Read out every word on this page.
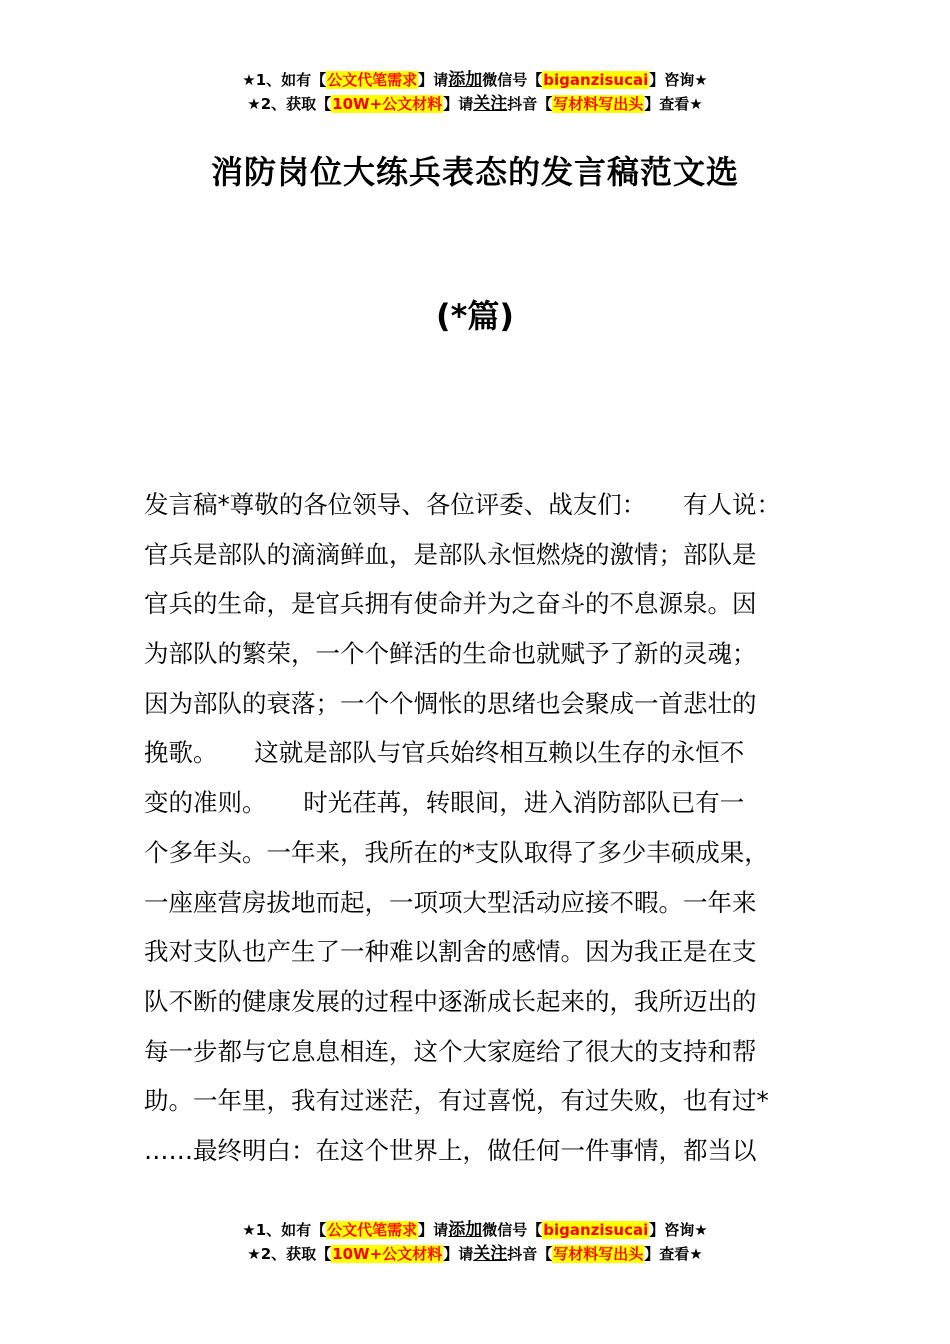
★1、如有【公文代笔需求】请添加微信号【biganzisucai】咨询★
★2、获取【10W+公文材料】请关注抖音【写材料写出头】查看★
消防岗位大练兵表态的发言稿范文选
(*篇)
发言稿*尊敬的各位领导、各位评委、战友们：　　有人说：
官兵是部队的滴滴鲜血，是部队永恒燃烧的激情；部队是
官兵的生命，是官兵拥有使命并为之奋斗的不息源泉。因
为部队的繁荣，一个个鲜活的生命也就赋予了新的灵魂；
因为部队的衰落；一个个惆怅的思绪也会聚成一首悲壮的
挽歌。　　这就是部队与官兵始终相互赖以生存的永恒不
变的准则。　　时光荏苒，转眼间，进入消防部队已有一
个多年头。一年来，我所在的*支队取得了多少丰硕成果，
一座座营房拔地而起，一项项大型活动应接不暇。一年来
我对支队也产生了一种难以割舍的感情。因为我正是在支
队不断的健康发展的过程中逐渐成长起来的，我所迈出的
每一步都与它息息相连，这个大家庭给了很大的支持和帮
助。一年里，我有过迷茫，有过喜悦，有过失败，也有过*
……最终明白：在这个世界上，做任何一件事情，都当以
★1、如有【公文代笔需求】请添加微信号【biganzisucai】咨询★
★2、获取【10W+公文材料】请关注抖音【写材料写出头】查看★
